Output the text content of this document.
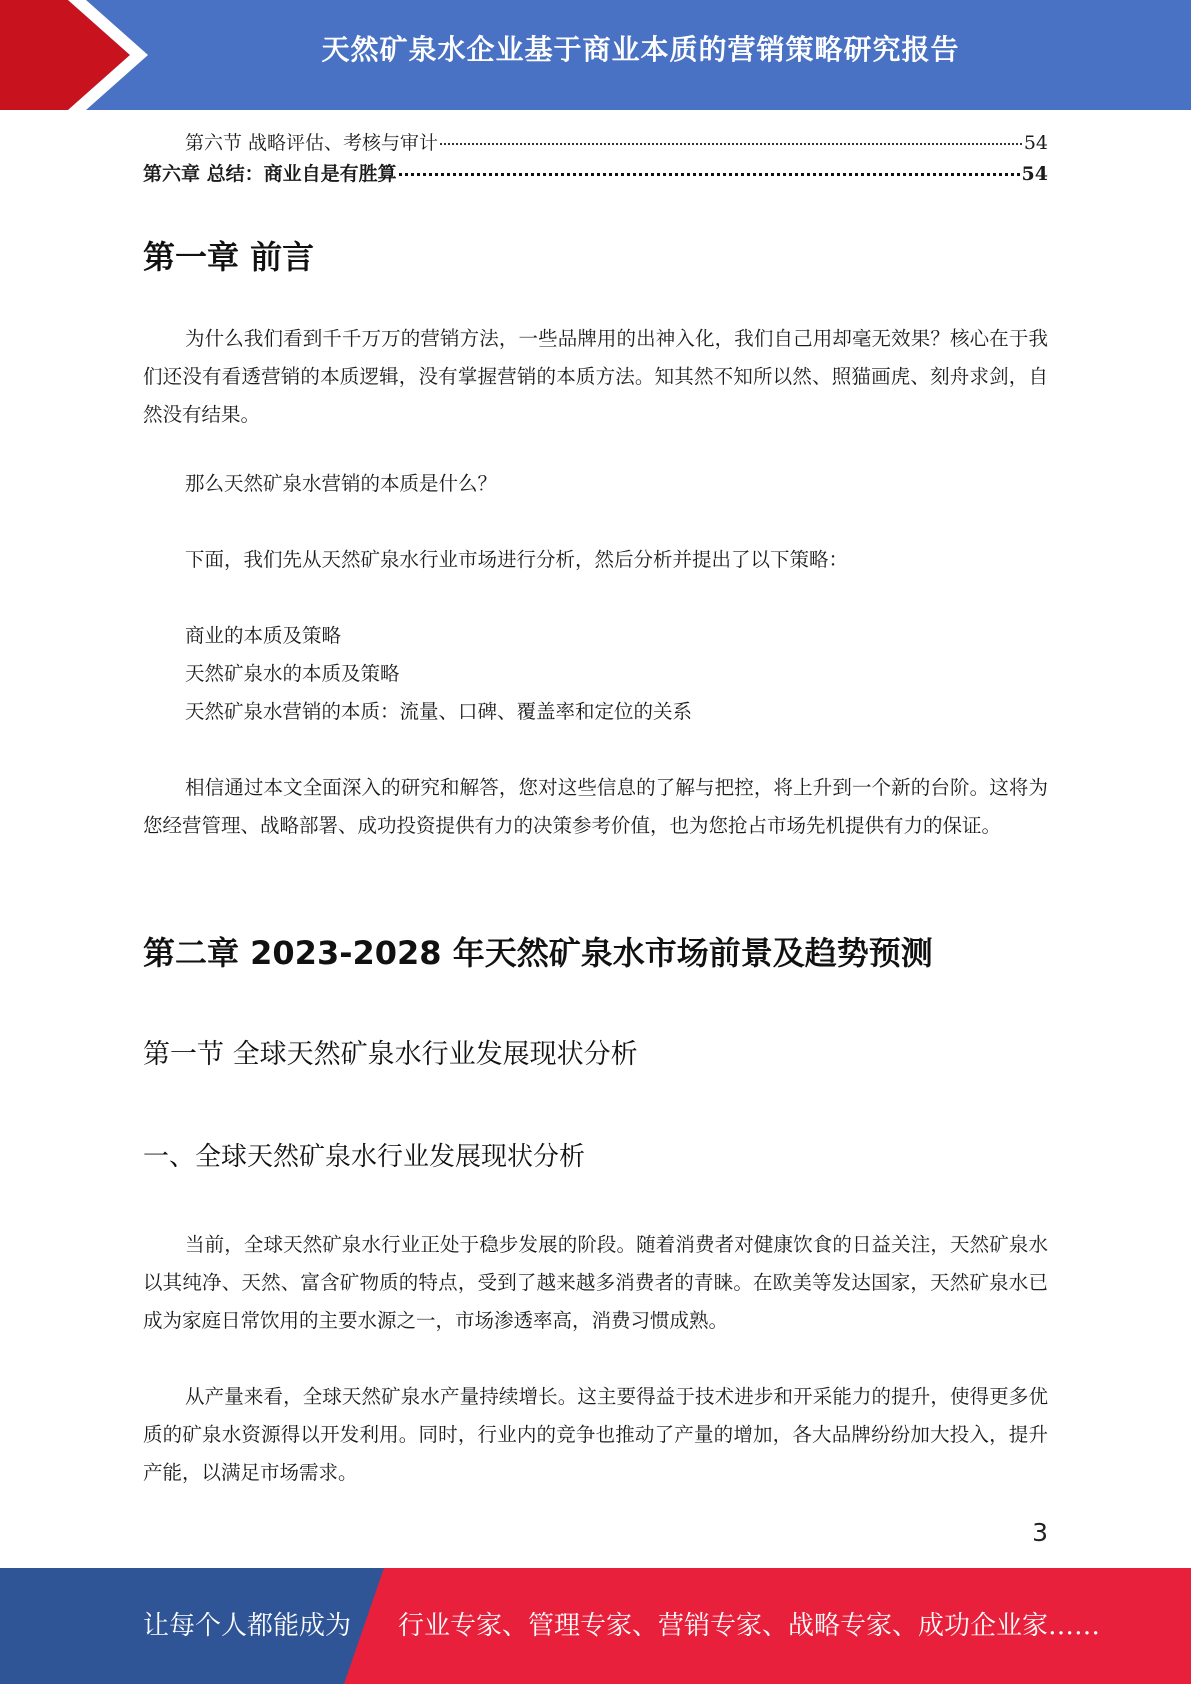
天然矿泉水企业基于商业本质的营销策略研究报告
第六节 战略评估、考核与审计	54
第六章 总结：商业自是有胜算	54
第一章 前言

为什么我们看到千千万万的营销方法，一些品牌用的出神入化，我们自己用却毫无效果？核心在于我们还没有看透营销的本质逻辑，没有掌握营销的本质方法。知其然不知所以然、照猫画虎、刻舟求剑，自然没有结果。

那么天然矿泉水营销的本质是什么？

下面，我们先从天然矿泉水行业市场进行分析，然后分析并提出了以下策略：

商业的本质及策略
天然矿泉水的本质及策略
天然矿泉水营销的本质：流量、口碑、覆盖率和定位的关系

相信通过本文全面深入的研究和解答，您对这些信息的了解与把控，将上升到一个新的台阶。这将为您经营管理、战略部署、成功投资提供有力的决策参考价值，也为您抢占市场先机提供有力的保证。

第二章 2023-2028 年天然矿泉水市场前景及趋势预测
第一节 全球天然矿泉水行业发展现状分析
一、全球天然矿泉水行业发展现状分析

当前，全球天然矿泉水行业正处于稳步发展的阶段。随着消费者对健康饮食的日益关注，天然矿泉水以其纯净、天然、富含矿物质的特点，受到了越来越多消费者的青睐。在欧美等发达国家，天然矿泉水已成为家庭日常饮用的主要水源之一，市场渗透率高，消费习惯成熟。

从产量来看，全球天然矿泉水产量持续增长。这主要得益于技术进步和开采能力的提升，使得更多优质的矿泉水资源得以开发利用。同时，行业内的竞争也推动了产量的增加，各大品牌纷纷加大投入，提升产能，以满足市场需求。

3
让每个人都能成为 行业专家、管理专家、营销专家、战略专家、成功企业家……
